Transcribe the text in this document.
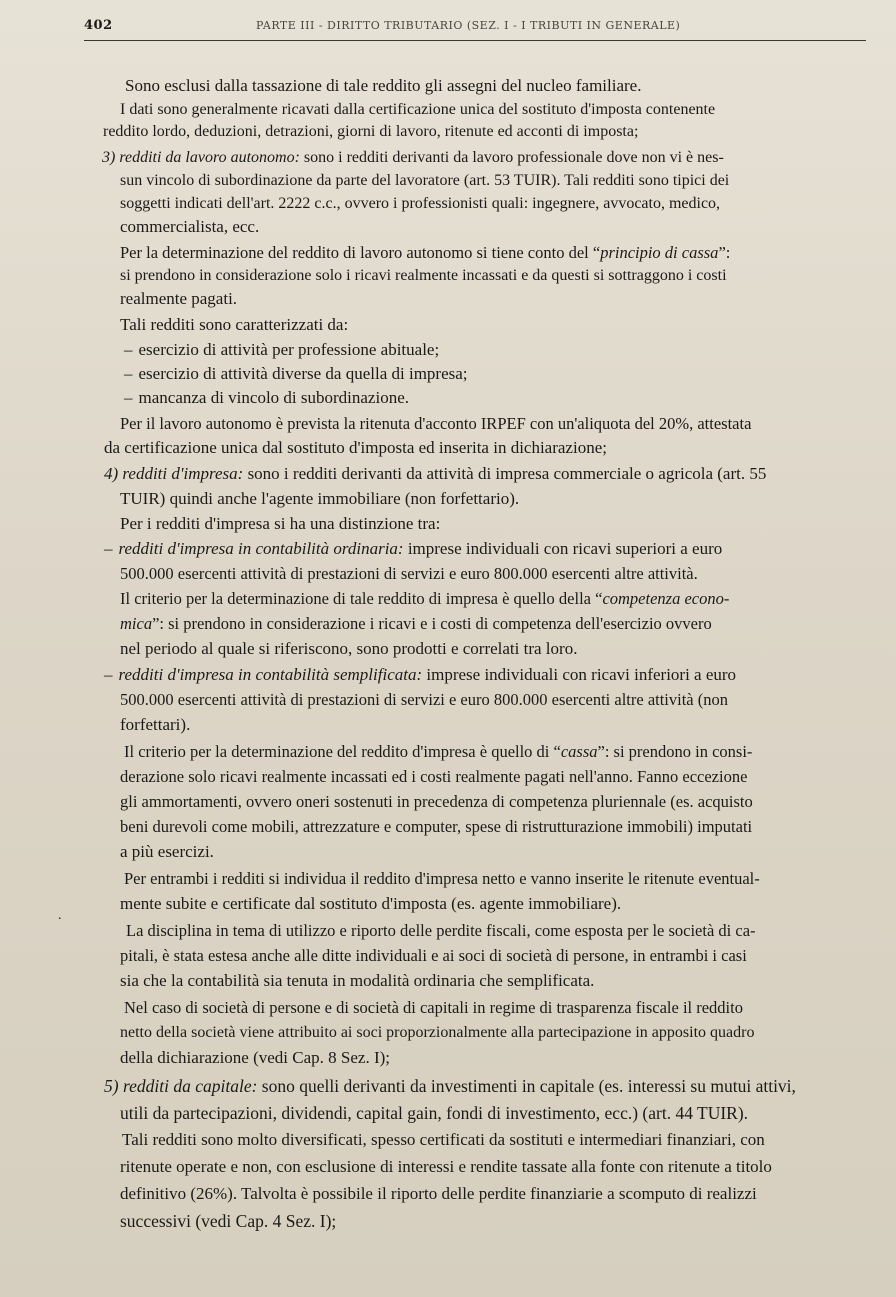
402	PARTE III - DIRITTO TRIBUTARIO (SEZ. I - I TRIBUTI IN GENERALE)
Sono esclusi dalla tassazione di tale reddito gli assegni del nucleo familiare.
I dati sono generalmente ricavati dalla certificazione unica del sostituto d'imposta contenente
reddito lordo, deduzioni, detrazioni, giorni di lavoro, ritenute ed acconti di imposta;
3) redditi da lavoro autonomo: sono i redditi derivanti da lavoro professionale dove non vi è nes-
sun vincolo di subordinazione da parte del lavoratore (art. 53 TUIR). Tali redditi sono tipici dei
soggetti indicati dell'art. 2222 c.c., ovvero i professionisti quali: ingegnere, avvocato, medico,
commercialista, ecc.
Per la determinazione del reddito di lavoro autonomo si tiene conto del “principio di cassa”:
si prendono in considerazione solo i ricavi realmente incassati e da questi si sottraggono i costi
realmente pagati.
Tali redditi sono caratterizzati da:
– esercizio di attività per professione abituale;
– esercizio di attività diverse da quella di impresa;
– mancanza di vincolo di subordinazione.
Per il lavoro autonomo è prevista la ritenuta d'acconto IRPEF con un'aliquota del 20%, attestata
da certificazione unica dal sostituto d'imposta ed inserita in dichiarazione;
4) redditi d'impresa: sono i redditi derivanti da attività di impresa commerciale o agricola (art. 55
TUIR) quindi anche l'agente immobiliare (non forfettario).
Per i redditi d'impresa si ha una distinzione tra:
– redditi d'impresa in contabilità ordinaria: imprese individuali con ricavi superiori a euro
500.000 esercenti attività di prestazioni di servizi e euro 800.000 esercenti altre attività.
Il criterio per la determinazione di tale reddito di impresa è quello della “competenza econo-
mica”: si prendono in considerazione i ricavi e i costi di competenza dell'esercizio ovvero
nel periodo al quale si riferiscono, sono prodotti e correlati tra loro.
– redditi d'impresa in contabilità semplificata: imprese individuali con ricavi inferiori a euro
500.000 esercenti attività di prestazioni di servizi e euro 800.000 esercenti altre attività (non
forfettari).
Il criterio per la determinazione del reddito d'impresa è quello di “cassa”: si prendono in consi-
derazione solo ricavi realmente incassati ed i costi realmente pagati nell'anno. Fanno eccezione
gli ammortamenti, ovvero oneri sostenuti in precedenza di competenza pluriennale (es. acquisto
beni durevoli come mobili, attrezzature e computer, spese di ristrutturazione immobili) imputati
a più esercizi.
Per entrambi i redditi si individua il reddito d'impresa netto e vanno inserite le ritenute eventual-
mente subite e certificate dal sostituto d'imposta (es. agente immobiliare).
.
La disciplina in tema di utilizzo e riporto delle perdite fiscali, come esposta per le società di ca-
pitali, è stata estesa anche alle ditte individuali e ai soci di società di persone, in entrambi i casi
sia che la contabilità sia tenuta in modalità ordinaria che semplificata.
Nel caso di società di persone e di società di capitali in regime di trasparenza fiscale il reddito
netto della società viene attribuito ai soci proporzionalmente alla partecipazione in apposito quadro
della dichiarazione (vedi Cap. 8 Sez. I);
5) redditi da capitale: sono quelli derivanti da investimenti in capitale (es. interessi su mutui attivi,
utili da partecipazioni, dividendi, capital gain, fondi di investimento, ecc.) (art. 44 TUIR).
Tali redditi sono molto diversificati, spesso certificati da sostituti e intermediari finanziari, con
ritenute operate e non, con esclusione di interessi e rendite tassate alla fonte con ritenute a titolo
definitivo (26%). Talvolta è possibile il riporto delle perdite finanziarie a scomputo di realizzi
successivi (vedi Cap. 4 Sez. I);
